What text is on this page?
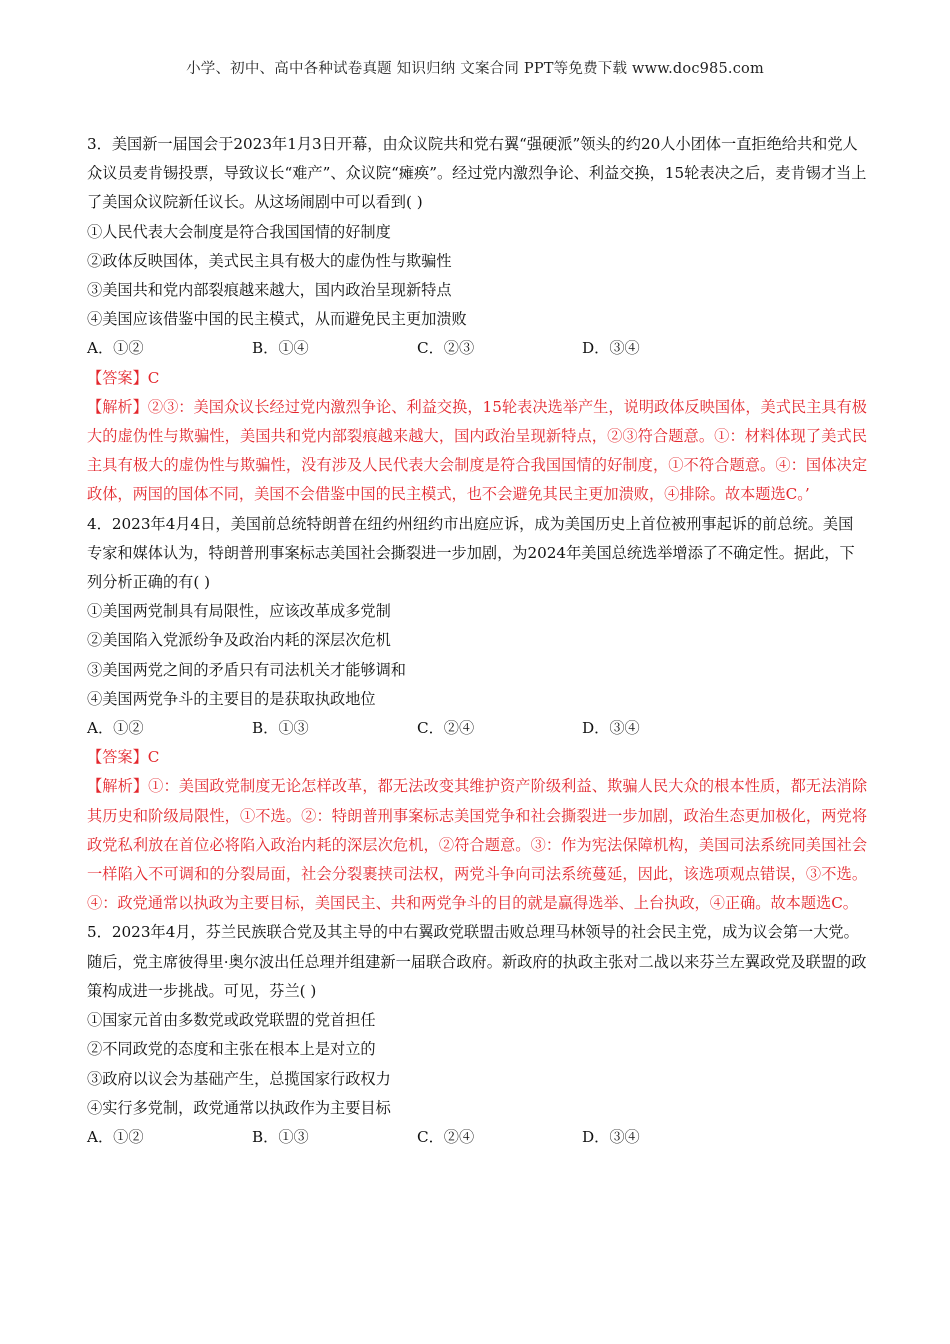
小学、初中、高中各种试卷真题 知识归纳 文案合同 PPT等免费下载 www.doc985.com

3．美国新一届国会于2023年1月3日开幕，由众议院共和党右翼“强硬派”领头的约20人小团体一直拒绝给共和党人众议员麦肯锡投票，导致议长“难产”、众议院“瘫痪”。经过党内激烈争论、利益交换，15轮表决之后，麦肯锡才当上了美国众议院新任议长。从这场闹剧中可以看到( )

①人民代表大会制度是符合我国国情的好制度

②政体反映国体，美式民主具有极大的虚伪性与欺骗性

③美国共和党内部裂痕越来越大，国内政治呈现新特点

④美国应该借鉴中国的民主模式，从而避免民主更加溃败

A．①②	B．①④	C．②③	D．③④

【答案】C

【解析】②③：美国众议长经过党内激烈争论、利益交换，15轮表决选举产生，说明政体反映国体，美式民主具有极大的虚伪性与欺骗性，美国共和党内部裂痕越来越大，国内政治呈现新特点，②③符合题意。①：材料体现了美式民主具有极大的虚伪性与欺骗性，没有涉及人民代表大会制度是符合我国国情的好制度，①不符合题意。④：国体决定政体，两国的国体不同，美国不会借鉴中国的民主模式，也不会避免其民主更加溃败，④排除。故本题选C。’

4．2023年4月4日，美国前总统特朗普在纽约州纽约市出庭应诉，成为美国历史上首位被刑事起诉的前总统。美国专家和媒体认为，特朗普刑事案标志美国社会撕裂进一步加剧，为2024年美国总统选举增添了不确定性。据此，下列分析正确的有( )

①美国两党制具有局限性，应该改革成多党制

②美国陷入党派纷争及政治内耗的深层次危机

③美国两党之间的矛盾只有司法机关才能够调和

④美国两党争斗的主要目的是获取执政地位

A．①②	B．①③	C．②④	D．③④

【答案】C

【解析】①：美国政党制度无论怎样改革，都无法改变其维护资产阶级利益、欺骗人民大众的根本性质，都无法消除其历史和阶级局限性，①不选。②：特朗普刑事案标志美国党争和社会撕裂进一步加剧，政治生态更加极化，两党将政党私利放在首位必将陷入政治内耗的深层次危机，②符合题意。③：作为宪法保障机构，美国司法系统同美国社会一样陷入不可调和的分裂局面，社会分裂裹挟司法权，两党斗争向司法系统蔓延，因此，该选项观点错误，③不选。④：政党通常以执政为主要目标，美国民主、共和两党争斗的目的就是赢得选举、上台执政，④正确。故本题选C。

5．2023年4月，芬兰民族联合党及其主导的中右翼政党联盟击败总理马林领导的社会民主党，成为议会第一大党。随后，党主席彼得里·奥尔波出任总理并组建新一届联合政府。新政府的执政主张对二战以来芬兰左翼政党及联盟的政策构成进一步挑战。可见，芬兰( )

①国家元首由多数党或政党联盟的党首担任

②不同政党的态度和主张在根本上是对立的

③政府以议会为基础产生，总揽国家行政权力

④实行多党制，政党通常以执政作为主要目标

A．①②	B．①③	C．②④	D．③④
